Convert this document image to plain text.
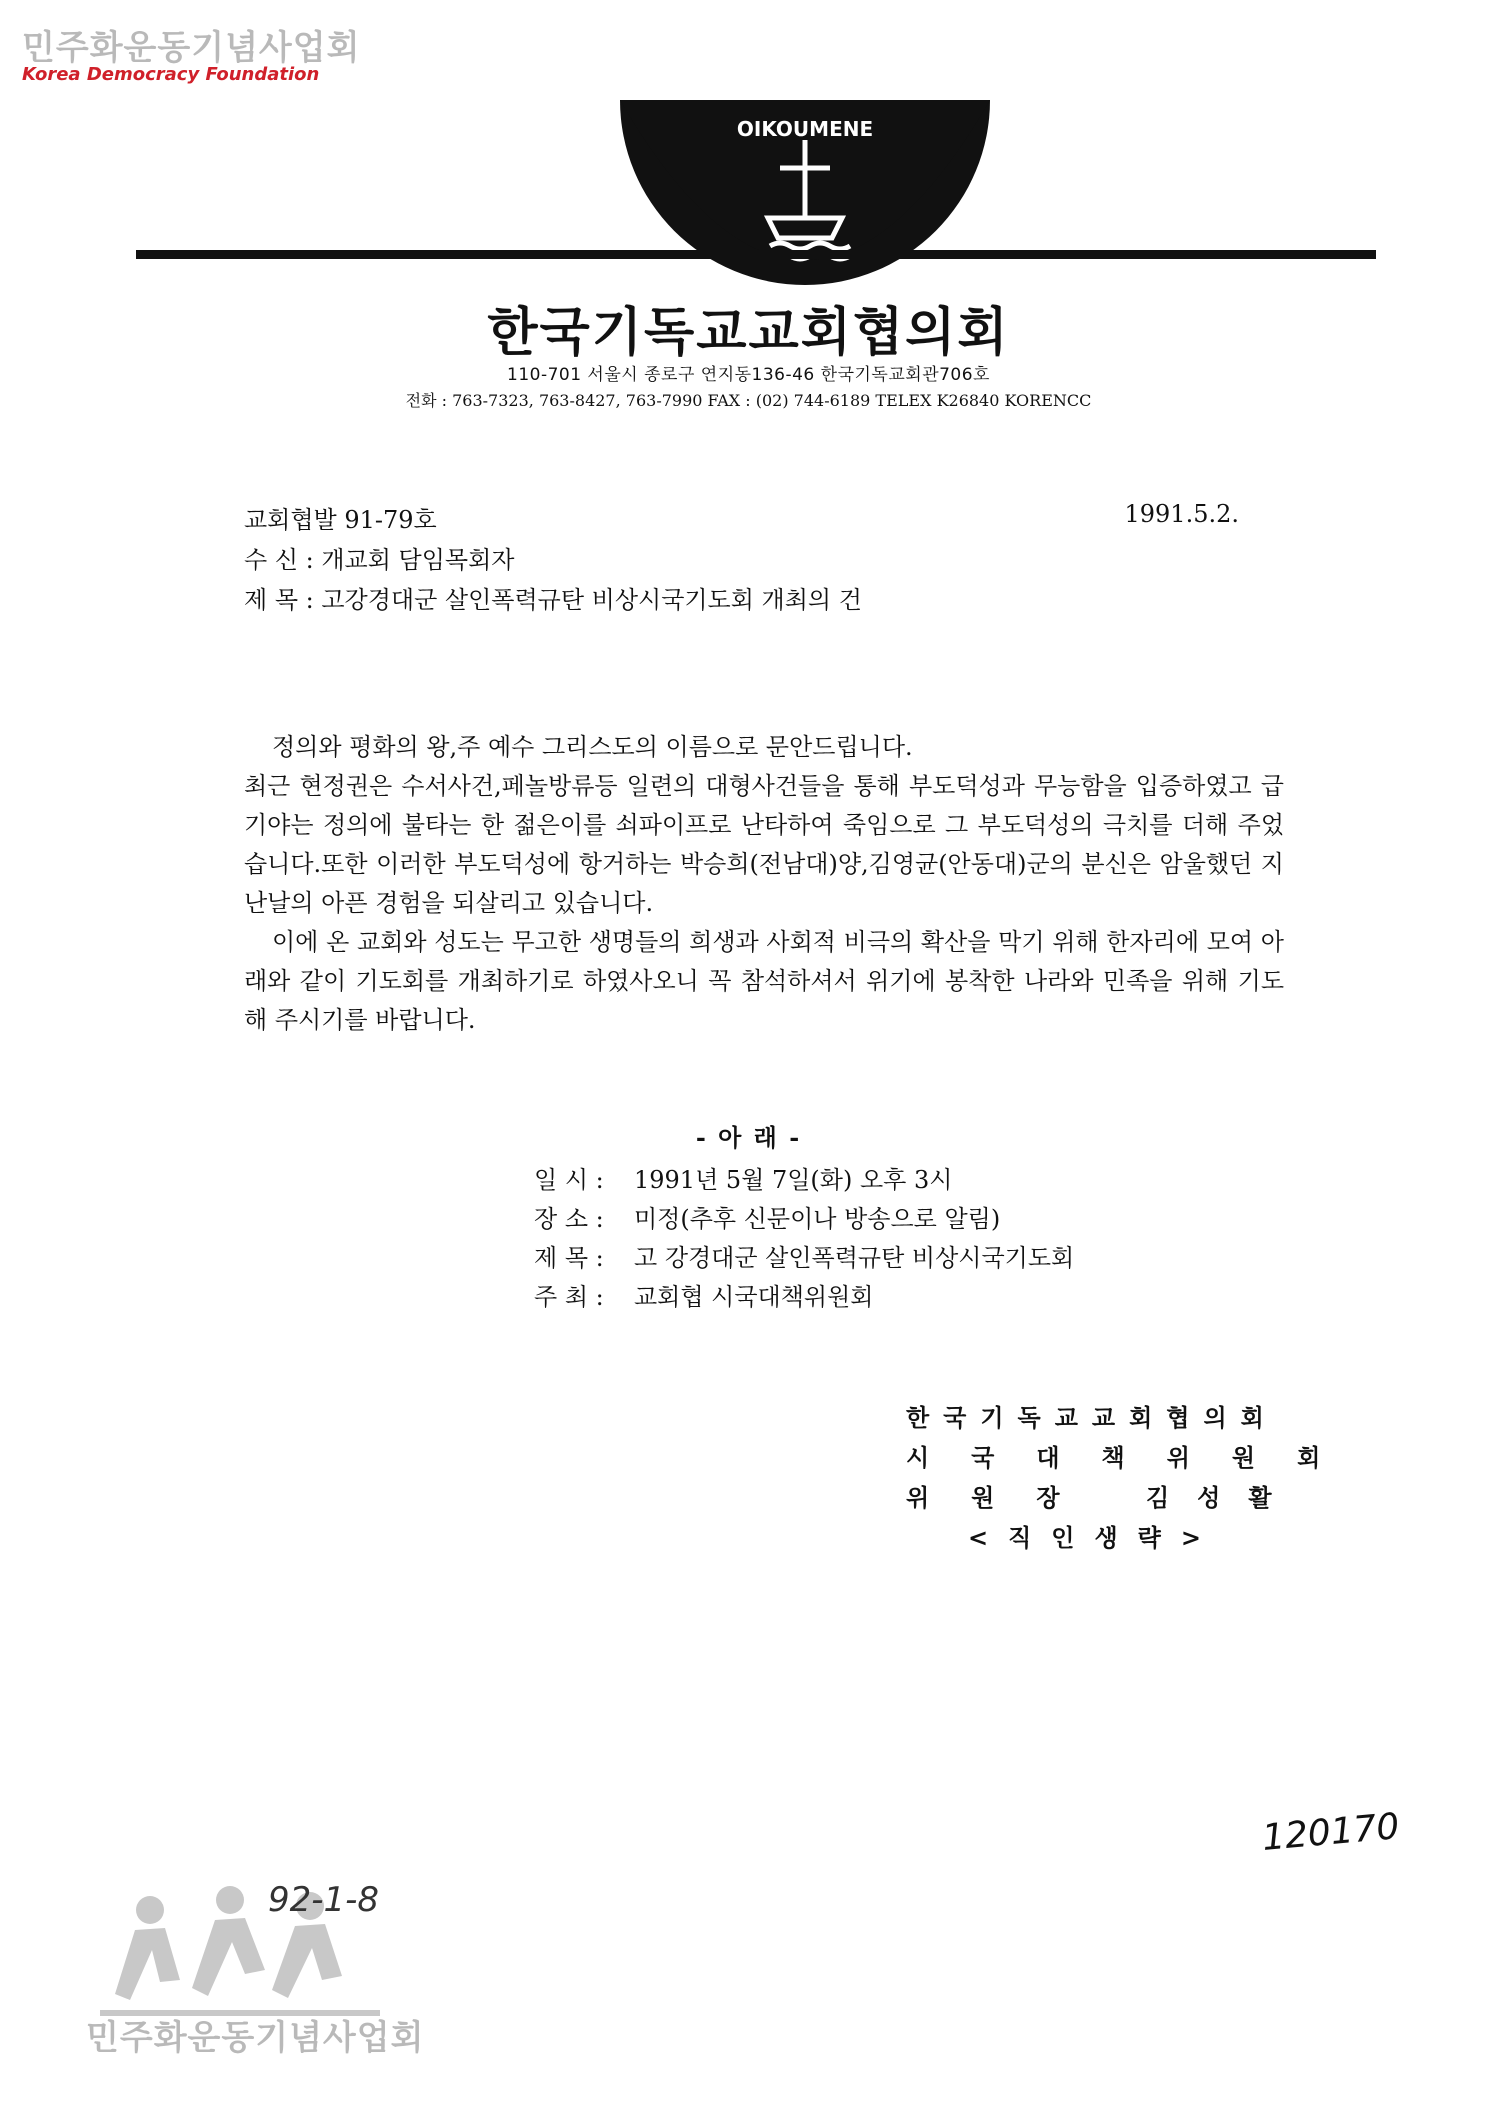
민주화운동기념사업회
Korea Democracy Foundation
OIKOUMENE
한국기독교교회협의회
110-701 서울시 종로구 연지동136-46 한국기독교회관706호
전화 : 763-7323, 763-8427, 763-7990 FAX : (02) 744-6189 TELEX K26840 KORENCC
교회협발 91-79호	1991.5.2.
수 신 : 개교회 담임목회자
제 목 : 고강경대군 살인폭력규탄 비상시국기도회 개최의 건

정의와 평화의 왕,주 예수 그리스도의 이름으로 문안드립니다.

최근 현정권은 수서사건,페놀방류등 일련의 대형사건들을 통해 부도덕성과 무능함을 입증하였고 급기야는 정의에 불타는 한 젊은이를 쇠파이프로 난타하여 죽임으로 그 부도덕성의 극치를 더해 주었습니다.또한 이러한 부도덕성에 항거하는 박승희(전남대)양,김영균(안동대)군의 분신은 암울했던 지난날의 아픈 경험을 되살리고 있습니다.

이에 온 교회와 성도는 무고한 생명들의 희생과 사회적 비극의 확산을 막기 위해 한자리에 모여 아래와 같이 기도회를 개최하기로 하였사오니 꼭 참석하셔서 위기에 봉착한 나라와 민족을 위해 기도해 주시기를 바랍니다.

- 아 래 -
일 시 : 1991년 5월 7일(화) 오후 3시
장 소 : 미정(추후 신문이나 방송으로 알림)
제 목 : 고 강경대군 살인폭력규탄 비상시국기도회
주 최 : 교회협 시국대책위원회
한국기독교교회협의회
시국대책위원회
위원장 김성활
<직인생략>
120170
92-1-8
민주화운동기념사업회
